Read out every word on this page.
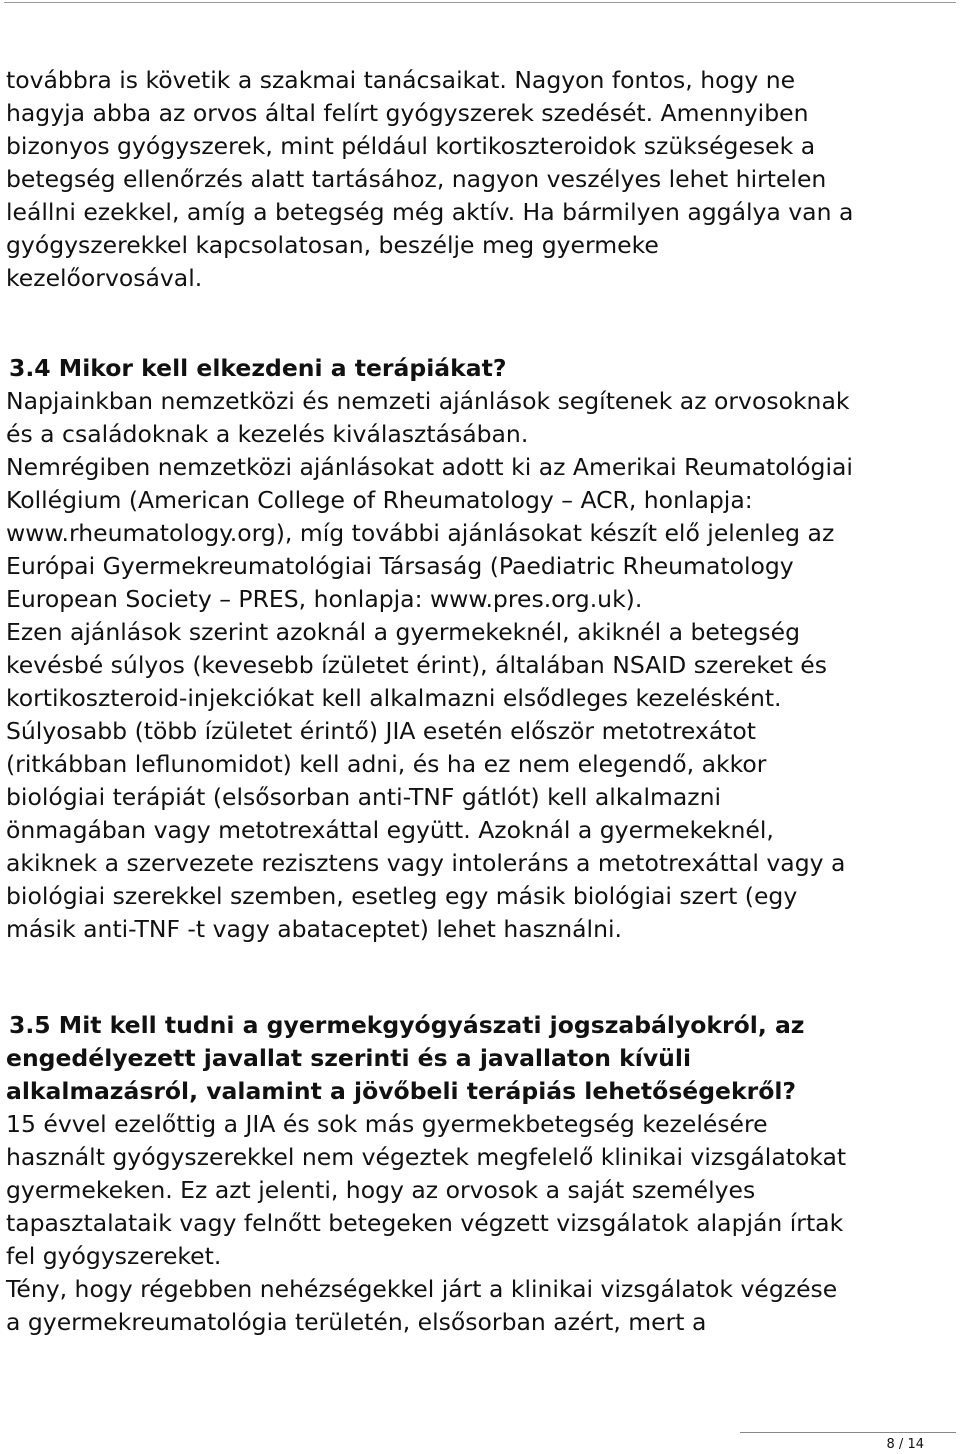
továbbra is követik a szakmai tanácsaikat. Nagyon fontos, hogy ne
hagyja abba az orvos által felírt gyógyszerek szedését. Amennyiben
bizonyos gyógyszerek, mint például kortikoszteroidok szükségesek a
betegség ellenőrzés alatt tartásához, nagyon veszélyes lehet hirtelen
leállni ezekkel, amíg a betegség még aktív. Ha bármilyen aggálya van a
gyógyszerekkel kapcsolatosan, beszélje meg gyermeke
kezelőorvosával.
3.4 Mikor kell elkezdeni a terápiákat?
Napjainkban nemzetközi és nemzeti ajánlások segítenek az orvosoknak
és a családoknak a kezelés kiválasztásában.
Nemrégiben nemzetközi ajánlásokat adott ki az Amerikai Reumatológiai
Kollégium (American College of Rheumatology – ACR, honlapja:
www.rheumatology.org), míg további ajánlásokat készít elő jelenleg az
Európai Gyermekreumatológiai Társaság (Paediatric Rheumatology
European Society – PRES, honlapja: www.pres.org.uk).
Ezen ajánlások szerint azoknál a gyermekeknél, akiknél a betegség
kevésbé súlyos (kevesebb ízületet érint), általában NSAID szereket és
kortikoszteroid-injekciókat kell alkalmazni elsődleges kezelésként.
Súlyosabb (több ízületet érintő) JIA esetén először metotrexátot
(ritkábban leflunomidot) kell adni, és ha ez nem elegendő, akkor
biológiai terápiát (elsősorban anti-TNF gátlót) kell alkalmazni
önmagában vagy metotrexáttal együtt. Azoknál a gyermekeknél,
akiknek a szervezete rezisztens vagy intoleráns a metotrexáttal vagy a
biológiai szerekkel szemben, esetleg egy másik biológiai szert (egy
másik anti-TNF -t vagy abataceptet) lehet használni.
3.5 Mit kell tudni a gyermekgyógyászati jogszabályokról, az
engedélyezett javallat szerinti és a javallaton kívüli
alkalmazásról, valamint a jövőbeli terápiás lehetőségekről?
15 évvel ezelőttig a JIA és sok más gyermekbetegség kezelésére
használt gyógyszerekkel nem végeztek megfelelő klinikai vizsgálatokat
gyermekeken. Ez azt jelenti, hogy az orvosok a saját személyes
tapasztalataik vagy felnőtt betegeken végzett vizsgálatok alapján írtak
fel gyógyszereket.
Tény, hogy régebben nehézségekkel járt a klinikai vizsgálatok végzése
a gyermekreumatológia területén, elsősorban azért, mert a
8 / 14
